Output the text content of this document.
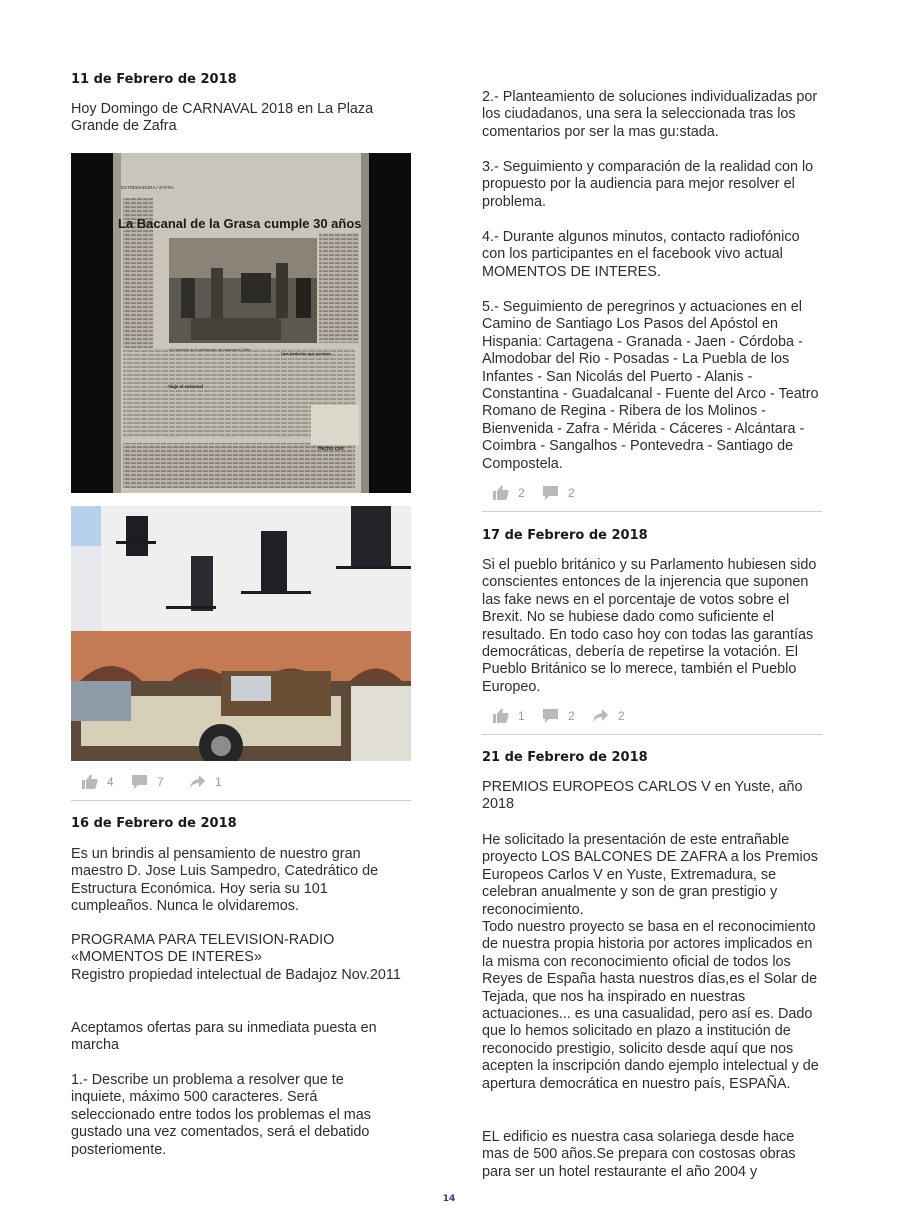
11 de Febrero de 2018
Hoy Domingo de CARNAVAL 2018 en La Plaza Grande de Zafra
EXTREMADURA / ZAFRA
La Bacanal de la Grasa cumple 30 años
Un momento de la celebración del carnaval en Zafra
Viaje al carnaval
Una tradición que perdura
Hecho con
4	7	1
16 de Febrero de 2018
Es un brindis al pensamiento de nuestro gran maestro D. Jose Luis Sampedro, Catedrático de Estructura Económica. Hoy seria su 101 cumpleaños. Nunca le olvidaremos.
PROGRAMA PARA TELEVISION-RADIO «MOMENTOS DE INTERES»
Registro propiedad intelectual de Badajoz Nov.2011
Aceptamos ofertas para su inmediata puesta en marcha
1.- Describe un problema a resolver que te inquiete, máximo 500 caracteres. Será seleccionado entre todos los problemas el mas gustado una vez comentados, será el debatido posteriomente.
2.- Planteamiento de soluciones individualizadas por los ciudadanos, una sera la seleccionada tras los comentarios por ser la mas gu:stada.
3.- Seguimiento y comparación de la realidad con lo propuesto por la audiencia para mejor resolver el problema.
4.- Durante algunos minutos, contacto radiofónico con los participantes en el facebook vivo actual MOMENTOS DE INTERES.
5.- Seguimiento de peregrinos y actuaciones en el Camino de Santiago Los Pasos del Apóstol en Hispania: Cartagena - Granada - Jaen - Córdoba - Almodobar del Rio - Posadas - La Puebla de los Infantes - San Nicolás del Puerto - Alanis - Constantina - Guadalcanal - Fuente del Arco - Teatro Romano de Regina - Ribera de los Molinos - Bienvenida - Zafra - Mérida - Cáceres - Alcántara - Coimbra - Sangalhos - Pontevedra - Santiago de Compostela.
2	2
17 de Febrero de 2018
Si el pueblo británico y su Parlamento hubiesen sido conscientes entonces de la injerencia que suponen las fake news en el porcentaje de votos sobre el Brexit. No se hubiese dado como suficiente el resultado. En todo caso hoy con todas las garantías democráticas, debería de repetirse la votación. El Pueblo Británico se lo merece, también el Pueblo Europeo.
1	2	2
21 de Febrero de 2018
PREMIOS EUROPEOS CARLOS V en Yuste, año 2018
He solicitado la presentación de este entrañable proyecto LOS BALCONES DE ZAFRA a los Premios Europeos Carlos V en Yuste, Extremadura, se celebran anualmente y son de gran prestigio y reconocimiento.
Todo nuestro proyecto se basa en el reconocimiento de nuestra propia historia por actores implicados en la misma con reconocimiento oficial de todos los Reyes de España hasta nuestros días,es el Solar de Tejada, que nos ha inspirado en nuestras actuaciones... es una casualidad, pero así es. Dado que lo hemos solicitado en plazo a institución de reconocido prestigio, solicito desde aquí que nos acepten la inscripción dando ejemplo intelectual y de apertura democrática en nuestro país, ESPAÑA.
EL edificio es nuestra casa solariega desde hace mas de 500 años.Se prepara con costosas obras para ser un hotel restaurante el año 2004 y
14
